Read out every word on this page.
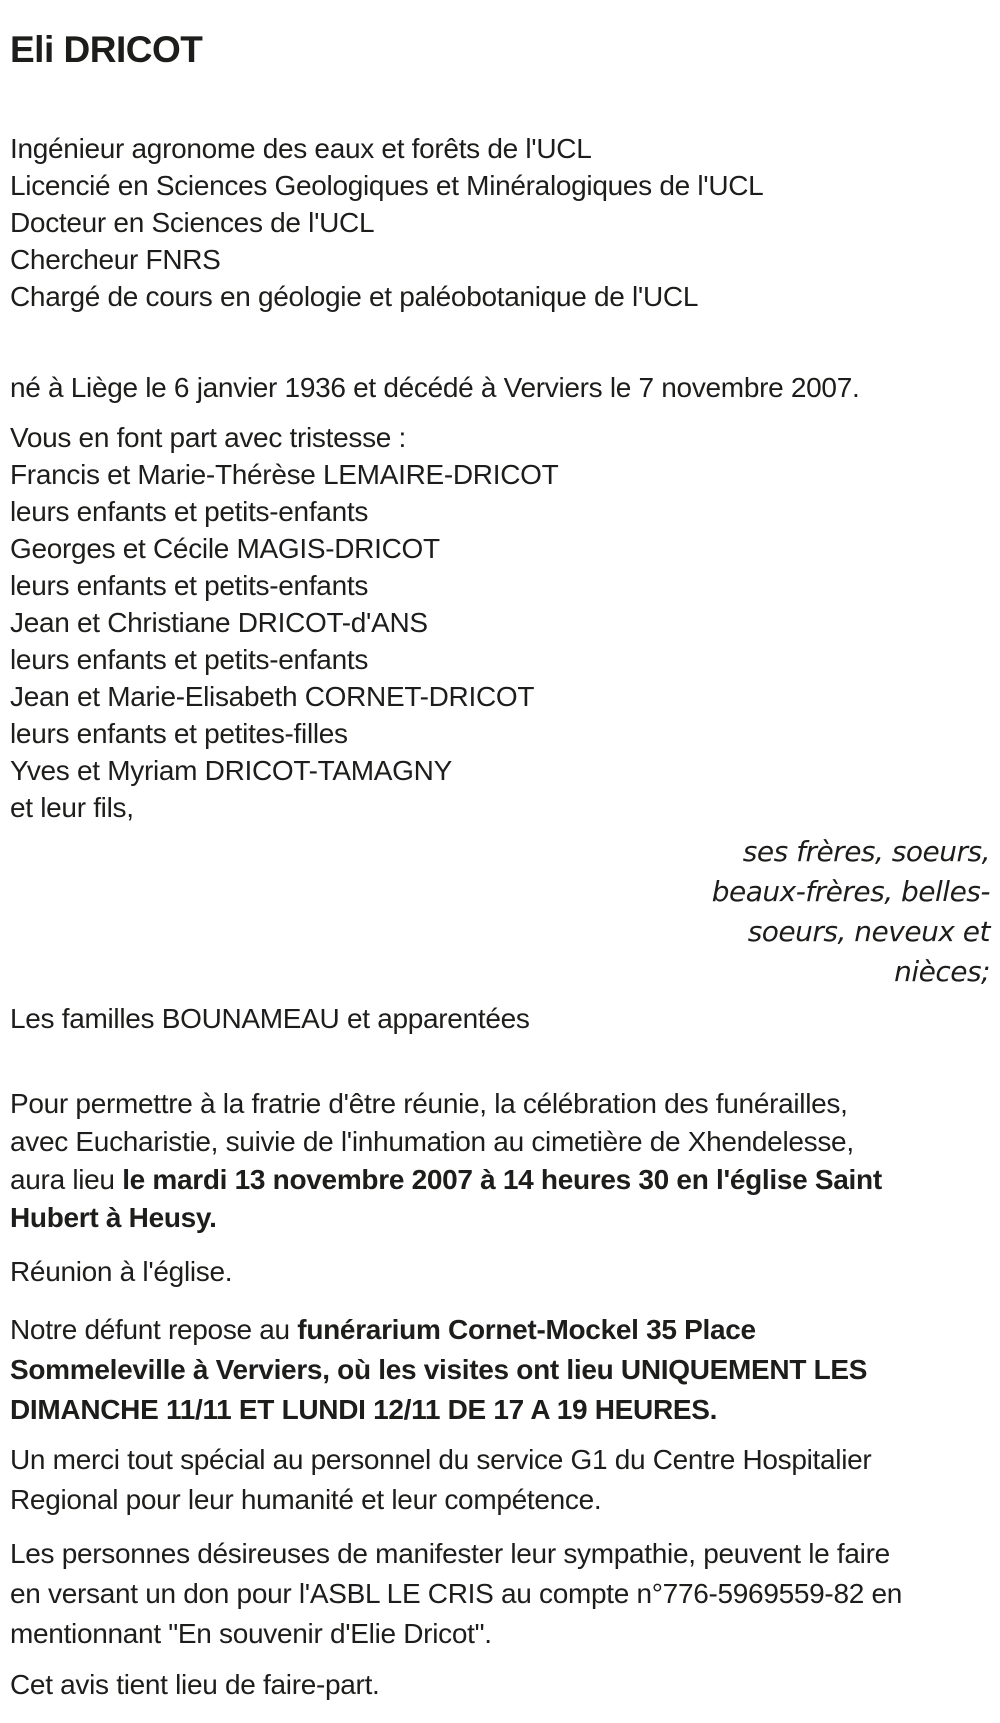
Eli DRICOT
Ingénieur agronome des eaux et forêts de l'UCL
Licencié en Sciences Geologiques et Minéralogiques de l'UCL
Docteur en Sciences de l'UCL
Chercheur FNRS
Chargé de cours en géologie et paléobotanique de l'UCL
né à Liège le 6 janvier 1936 et décédé à Verviers le 7 novembre 2007.
Vous en font part avec tristesse :
Francis et Marie-Thérèse LEMAIRE-DRICOT
leurs enfants et petits-enfants
Georges et Cécile MAGIS-DRICOT
leurs enfants et petits-enfants
Jean et Christiane DRICOT-d'ANS
leurs enfants et petits-enfants
Jean et Marie-Elisabeth CORNET-DRICOT
leurs enfants et petites-filles
Yves et Myriam DRICOT-TAMAGNY
et leur fils,
ses frères, soeurs,
beaux-frères, belles-
soeurs, neveux et
nièces;
Les familles BOUNAMEAU et apparentées
Pour permettre à la fratrie d'être réunie, la célébration des funérailles,
avec Eucharistie, suivie de l'inhumation au cimetière de Xhendelesse,
aura lieu le mardi 13 novembre 2007 à 14 heures 30 en l'église Saint
Hubert à Heusy.
Réunion à l'église.
Notre défunt repose au funérarium Cornet-Mockel 35 Place
Sommeleville à Verviers, où les visites ont lieu UNIQUEMENT LES
DIMANCHE 11/11 ET LUNDI 12/11 DE 17 A 19 HEURES.
Un merci tout spécial au personnel du service G1 du Centre Hospitalier
Regional pour leur humanité et leur compétence.
Les personnes désireuses de manifester leur sympathie, peuvent le faire
en versant un don pour l'ASBL LE CRIS au compte n°776-5969559-82 en
mentionnant "En souvenir d'Elie Dricot".
Cet avis tient lieu de faire-part.
